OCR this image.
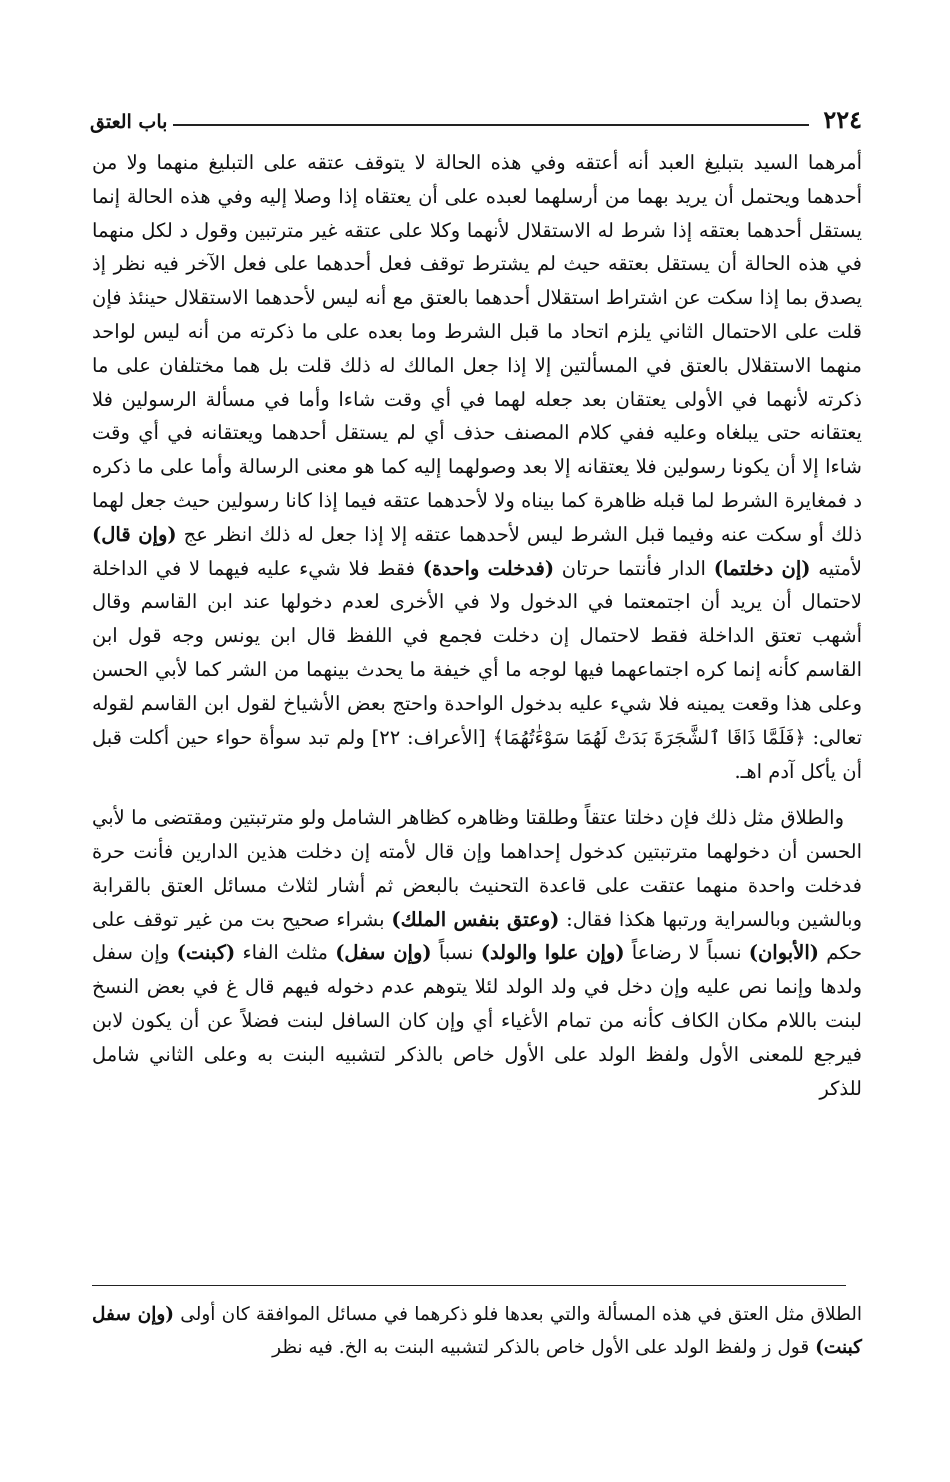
٢٢٤
باب العتق

أمرهما السيد بتبليغ العبد أنه أعتقه وفي هذه الحالة لا يتوقف عتقه على التبليغ منهما ولا من أحدهما ويحتمل أن يريد بهما من أرسلهما لعبده على أن يعتقاه إذا وصلا إليه وفي هذه الحالة إنما يستقل أحدهما بعتقه إذا شرط له الاستقلال لأنهما وكلا على عتقه غير مترتبين وقول د لكل منهما في هذه الحالة أن يستقل بعتقه حيث لم يشترط توقف فعل أحدهما على فعل الآخر فيه نظر إذ يصدق بما إذا سكت عن اشتراط استقلال أحدهما بالعتق مع أنه ليس لأحدهما الاستقلال حينئذ فإن قلت على الاحتمال الثاني يلزم اتحاد ما قبل الشرط وما بعده على ما ذكرته من أنه ليس لواحد منهما الاستقلال بالعتق في المسألتين إلا إذا جعل المالك له ذلك قلت بل هما مختلفان على ما ذكرته لأنهما في الأولى يعتقان بعد جعله لهما في أي وقت شاءا وأما في مسألة الرسولين فلا يعتقانه حتى يبلغاه وعليه ففي كلام المصنف حذف أي لم يستقل أحدهما ويعتقانه في أي وقت شاءا إلا أن يكونا رسولين فلا يعتقانه إلا بعد وصولهما إليه كما هو معنى الرسالة وأما على ما ذكره د فمغايرة الشرط لما قبله ظاهرة كما بيناه ولا لأحدهما عتقه فيما إذا كانا رسولين حيث جعل لهما ذلك أو سكت عنه وفيما قبل الشرط ليس لأحدهما عتقه إلا إذا جعل له ذلك انظر عج (وإن قال) لأمتيه (إن دخلتما) الدار فأنتما حرتان (فدخلت واحدة) فقط فلا شيء عليه فيهما لا في الداخلة لاحتمال أن يريد أن اجتمعتما في الدخول ولا في الأخرى لعدم دخولها عند ابن القاسم وقال أشهب تعتق الداخلة فقط لاحتمال إن دخلت فجمع في اللفظ قال ابن يونس وجه قول ابن القاسم كأنه إنما كره اجتماعهما فيها لوجه ما أي خيفة ما يحدث بينهما من الشر كما لأبي الحسن وعلى هذا وقعت يمينه فلا شيء عليه بدخول الواحدة واحتج بعض الأشياخ لقول ابن القاسم لقوله تعالى: ﴿فَلَمَّا ذَاقَا ٱلشَّجَرَةَ بَدَتْ لَهُمَا سَوْءَٰتُهُمَا﴾ [الأعراف: ٢٢] ولم تبد سوأة حواء حين أكلت قبل أن يأكل آدم اهـ.

والطلاق مثل ذلك فإن دخلتا عتقاً وطلقتا وظاهره كظاهر الشامل ولو مترتبتين ومقتضى ما لأبي الحسن أن دخولهما مترتبتين كدخول إحداهما وإن قال لأمته إن دخلت هذين الدارين فأنت حرة فدخلت واحدة منهما عتقت على قاعدة التحنيث بالبعض ثم أشار لثلاث مسائل العتق بالقرابة وبالشين وبالسراية ورتبها هكذا فقال: (وعتق بنفس الملك) بشراء صحيح بت من غير توقف على حكم (الأبوان) نسباً لا رضاعاً (وإن علوا والولد) نسباً (وإن سفل) مثلث الفاء (كبنت) وإن سفل ولدها وإنما نص عليه وإن دخل في ولد الولد لئلا يتوهم عدم دخوله فيهم قال غ في بعض النسخ لبنت باللام مكان الكاف كأنه من تمام الأغياء أي وإن كان السافل لبنت فضلاً عن أن يكون لابن فيرجع للمعنى الأول ولفظ الولد على الأول خاص بالذكر لتشبيه البنت به وعلى الثاني شامل للذكر

الطلاق مثل العتق في هذه المسألة والتي بعدها فلو ذكرهما في مسائل الموافقة كان أولى (وإن سفل كبنت) قول ز ولفظ الولد على الأول خاص بالذكر لتشبيه البنت به الخ. فيه نظر
